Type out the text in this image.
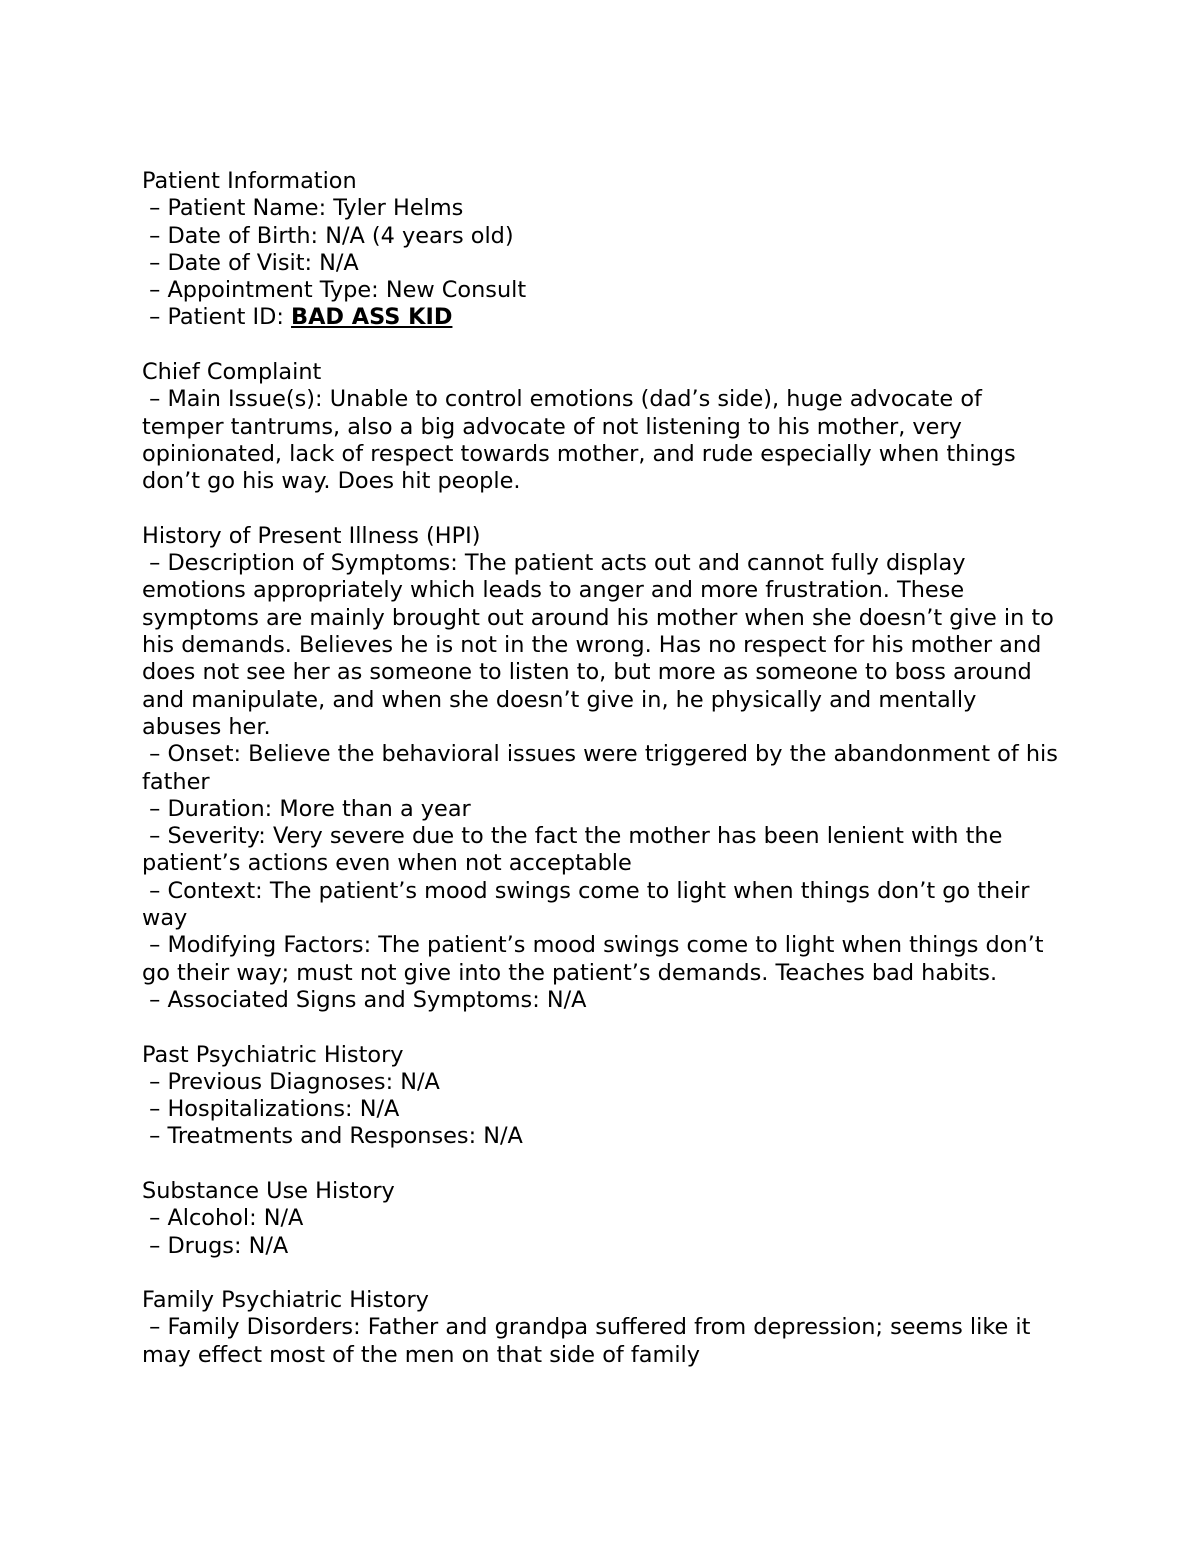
Patient Information
– Patient Name: Tyler Helms
– Date of Birth: N/A (4 years old)
– Date of Visit: N/A
– Appointment Type: New Consult
– Patient ID: BAD ASS KID
Chief Complaint
– Main Issue(s): Unable to control emotions (dad’s side), huge advocate of temper tantrums, also a big advocate of not listening to his mother, very opinionated, lack of respect towards mother, and rude especially when things don’t go his way. Does hit people.
History of Present Illness (HPI)
– Description of Symptoms: The patient acts out and cannot fully display emotions appropriately which leads to anger and more frustration. These symptoms are mainly brought out around his mother when she doesn’t give in to his demands. Believes he is not in the wrong. Has no respect for his mother and does not see her as someone to listen to, but more as someone to boss around and manipulate, and when she doesn’t give in, he physically and mentally abuses her.
– Onset: Believe the behavioral issues were triggered by the abandonment of his father
– Duration: More than a year
– Severity: Very severe due to the fact the mother has been lenient with the patient’s actions even when not acceptable
– Context: The patient’s mood swings come to light when things don’t go their way
– Modifying Factors: The patient’s mood swings come to light when things don’t go their way; must not give into the patient’s demands. Teaches bad habits.
– Associated Signs and Symptoms: N/A
Past Psychiatric History
– Previous Diagnoses: N/A
– Hospitalizations: N/A
– Treatments and Responses: N/A
Substance Use History
– Alcohol: N/A
– Drugs: N/A
Family Psychiatric History
– Family Disorders: Father and grandpa suffered from depression; seems like it may effect most of the men on that side of family
